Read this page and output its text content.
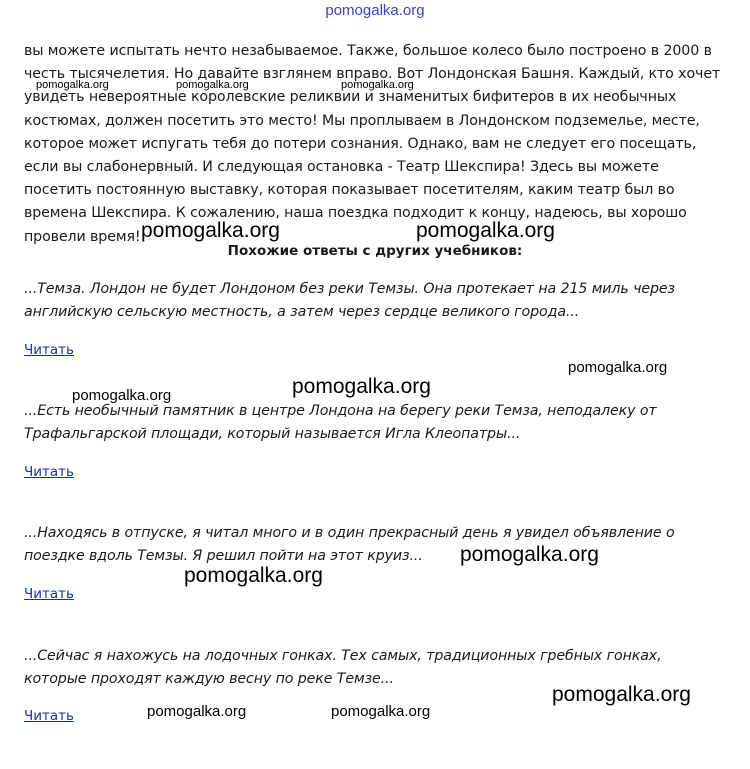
pomogalka.org

вы можете испытать нечто незабываемое. Также, большое колесо было построено в 2000 в честь тысячелетия. Но давайте взглянем вправо. Вот Лондонская Башня. Каждый, кто хочет увидеть невероятные королевские реликвии и знаменитых бифитеров в их необычных костюмах, должен посетить это место! Мы проплываем в Лондонском подземелье, месте, которое может испугать тебя до потери сознания. Однако, вам не следует его посещать, если вы слабонервный. И следующая остановка - Театр Шекспира! Здесь вы можете посетить постоянную выставку, которая показывает посетителям, каким театр был во времена Шекспира. К сожалению, наша поездка подходит к концу, надеюсь, вы хорошо провели время!

Похожие ответы с других учебников:

...Темза. Лондон не будет Лондоном без реки Темзы. Она протекает на 215 миль через английскую сельскую местность, а затем через сердце великого города...

Читать

...Есть необычный памятник в центре Лондона на берегу реки Темза, неподалеку от Трафальгарской площади, который называется Игла Клеопатры...

Читать

...Находясь в отпуске, я читал много и в один прекрасный день я увидел объявление о поездке вдоль Темзы. Я решил пойти на этот круиз...

Читать

...Сейчас я нахожусь на лодочных гонках. Тех самых, традиционных гребных гонках, которые проходят каждую весну по реке Темзе...

Читать
pomogalka.org	pomogalka.org	pomogalka.org
pomogalka.org	pomogalka.org
pomogalka.org
pomogalka.org	pomogalka.org
pomogalka.org
pomogalka.org
pomogalka.org
pomogalka.org	pomogalka.org
